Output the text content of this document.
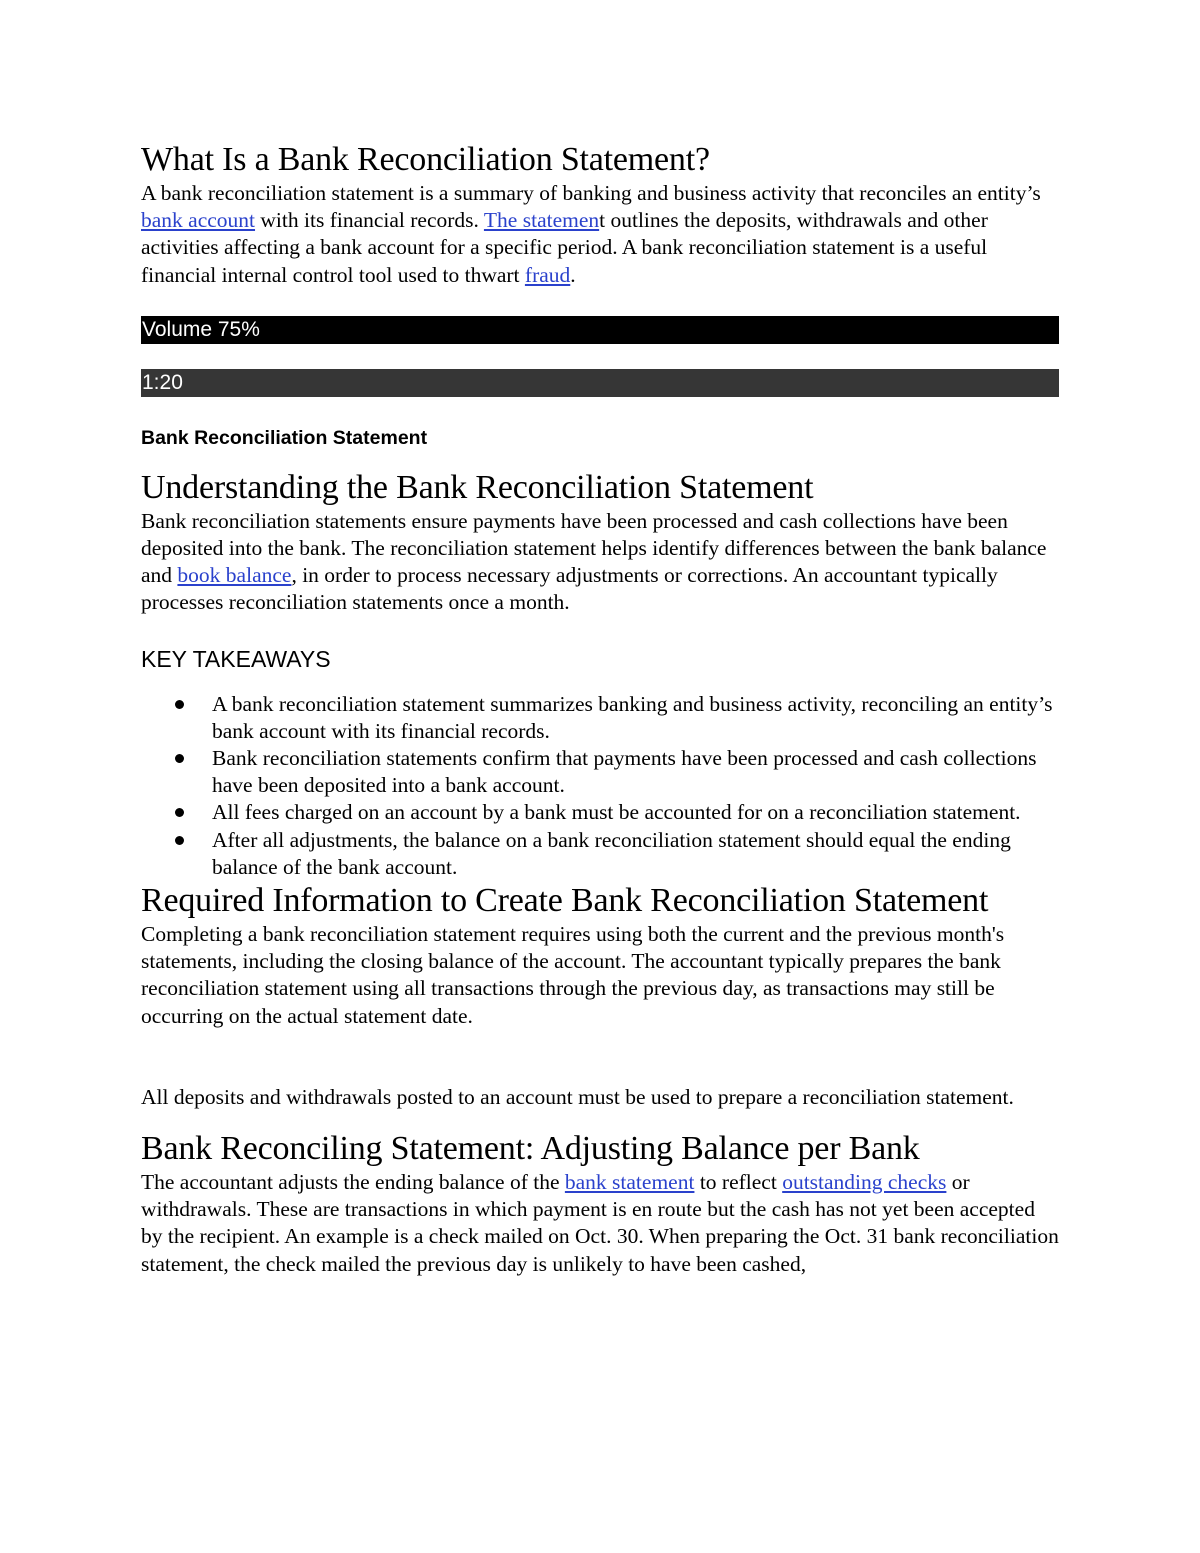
What Is a Bank Reconciliation Statement?

A bank reconciliation statement is a summary of banking and business activity that reconciles an entity’s bank account with its financial records. The statement outlines the deposits, withdrawals and other activities affecting a bank account for a specific period. A bank reconciliation statement is a useful financial internal control tool used to thwart fraud.

Volume 75%
1:20
Bank Reconciliation Statement
Understanding the Bank Reconciliation Statement

Bank reconciliation statements ensure payments have been processed and cash collections have been deposited into the bank. The reconciliation statement helps identify differences between the bank balance and book balance, in order to process necessary adjustments or corrections. An accountant typically processes reconciliation statements once a month.

KEY TAKEAWAYS
A bank reconciliation statement summarizes banking and business activity, reconciling an entity’s bank account with its financial records.
Bank reconciliation statements confirm that payments have been processed and cash collections have been deposited into a bank account.
All fees charged on an account by a bank must be accounted for on a reconciliation statement.
After all adjustments, the balance on a bank reconciliation statement should equal the ending balance of the bank account.
Required Information to Create Bank Reconciliation Statement

Completing a bank reconciliation statement requires using both the current and the previous month's statements, including the closing balance of the account. The accountant typically prepares the bank reconciliation statement using all transactions through the previous day, as transactions may still be occurring on the actual statement date.

All deposits and withdrawals posted to an account must be used to prepare a reconciliation statement.

Bank Reconciling Statement: Adjusting Balance per Bank

The accountant adjusts the ending balance of the bank statement to reflect outstanding checks or withdrawals. These are transactions in which payment is en route but the cash has not yet been accepted by the recipient. An example is a check mailed on Oct. 30. When preparing the Oct. 31 bank reconciliation statement, the check mailed the previous day is unlikely to have been cashed,
